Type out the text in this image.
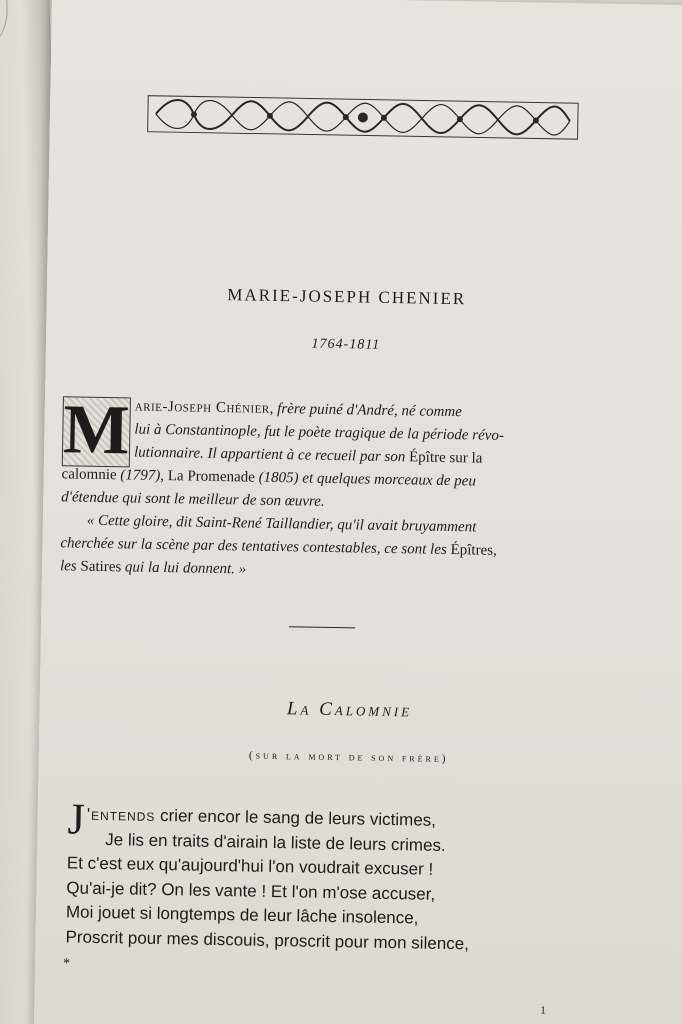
MARIE-JOSEPH CHENIER
1764-1811
M arie-Joseph Chénier, frère puiné d'André, né comme
lui à Constantinople, fut le poète tragique de la période révo-
lutionnaire. Il appartient à ce recueil par son Épître sur la
calomnie (1797), La Promenade (1805) et quelques morceaux de peu
d'étendue qui sont le meilleur de son œuvre.
« Cette gloire, dit Saint-René Taillandier, qu'il avait bruyamment
cherchée sur la scène par des tentatives contestables, ce sont les Épîtres,
les Satires qui la lui donnent. »
La Calomnie
(sur la mort de son frère)
J 'entends crier encor le sang de leurs victimes,
Je lis en traits d'airain la liste de leurs crimes.
Et c'est eux qu'aujourd'hui l'on voudrait excuser !
Qu'ai-je dit? On les vante ! Et l'on m'ose accuser,
Moi jouet si longtemps de leur lâche insolence,
Proscrit pour mes discouis, proscrit pour mon silence,
*
1
